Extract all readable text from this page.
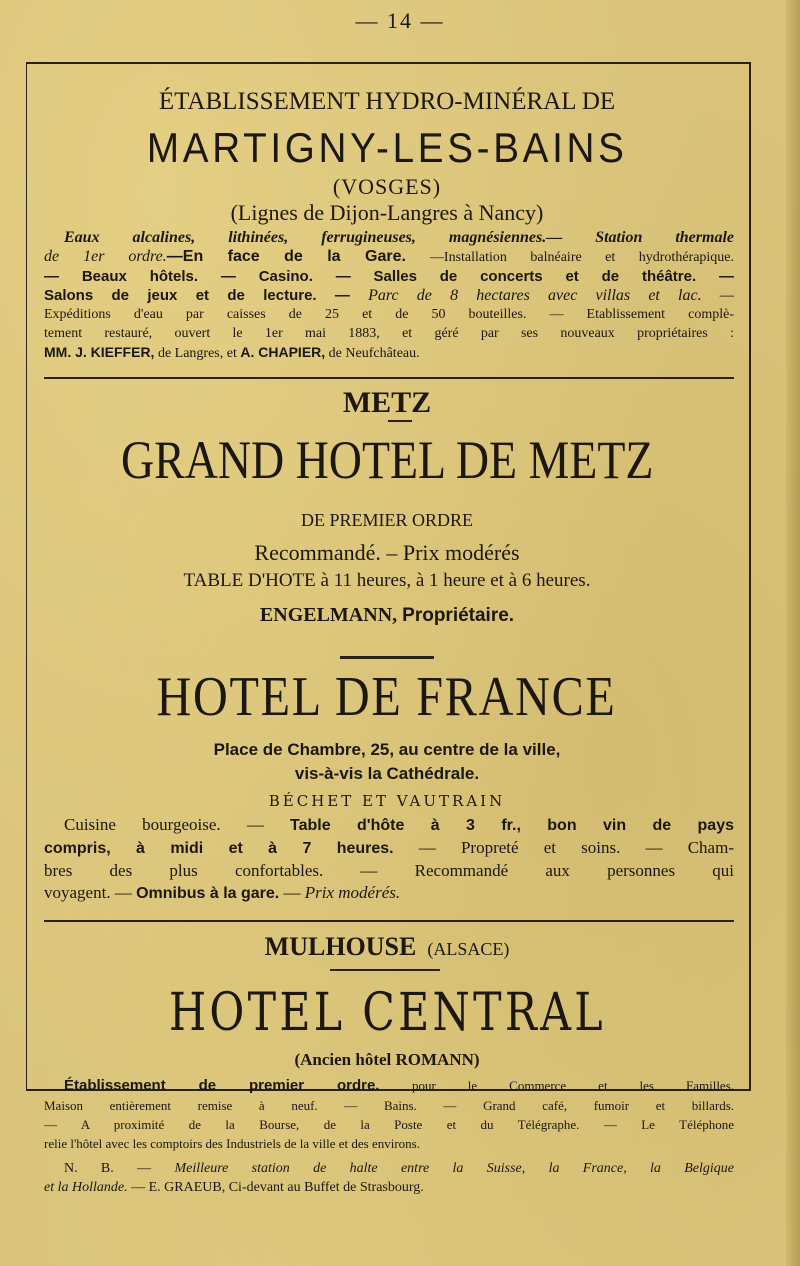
— 14 —
ÉTABLISSEMENT HYDRO-MINÉRAL DE
MARTIGNY-LES-BAINS
(VOSGES)
(Lignes de Dijon-Langres à Nancy)
Eaux alcalines, lithinées, ferrugineuses, magnésiennes.— Station thermale
de 1er ordre.—En face de la Gare. —Installation balnéaire et hydrothérapique.
— Beaux hôtels. — Casino. — Salles de concerts et de théâtre. —
Salons de jeux et de lecture. — Parc de 8 hectares avec villas et lac. —
Expéditions d'eau par caisses de 25 et de 50 bouteilles. — Etablissement complè-
tement restauré, ouvert le 1er mai 1883, et géré par ses nouveaux propriétaires :
MM. J. KIEFFER, de Langres, et A. CHAPIER, de Neufchâteau.
METZ
GRAND HOTEL DE METZ
DE PREMIER ORDRE
Recommandé. – Prix modérés
TABLE D'HOTE à 11 heures, à 1 heure et à 6 heures.
ENGELMANN, Propriétaire.
HOTEL DE FRANCE
Place de Chambre, 25, au centre de la ville,
vis-à-vis la Cathédrale.
BÉCHET ET VAUTRAIN
Cuisine bourgeoise. — Table d'hôte à 3 fr., bon vin de pays
compris, à midi et à 7 heures. — Propreté et soins. — Cham-
bres des plus confortables. — Recommandé aux personnes qui
voyagent. — Omnibus à la gare. — Prix modérés.
MULHOUSE (ALSACE)
HOTEL CENTRAL
(Ancien hôtel ROMANN)
Établissement de premier ordre.	pour le Commerce et les Familles.
Maison entièrement remise à neuf. — Bains. — Grand café, fumoir et billards.
— A proximité de la Bourse, de la Poste et du Télégraphe. — Le Téléphone
relie l'hôtel avec les comptoirs des Industriels de la ville et des environs.
N. B. — Meilleure station de halte entre la Suisse, la France, la Belgique
et la Hollande. — E. GRAEUB, Ci-devant au Buffet de Strasbourg.
